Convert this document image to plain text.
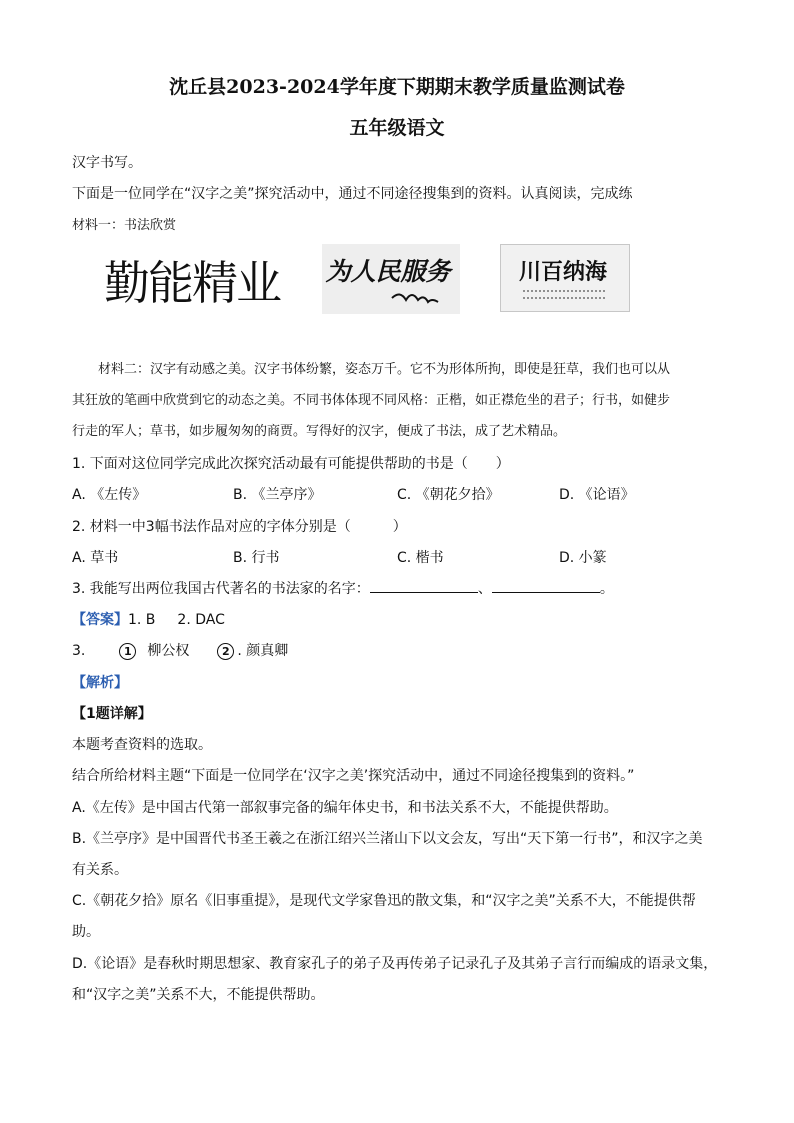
沈丘县2023-2024学年度下期期末教学质量监测试卷
五年级语文
汉字书写。
下面是一位同学在“汉字之美”探究活动中，通过不同途径搜集到的资料。认真阅读，完成练
材料一：书法欣赏
勤能精业 为人民服务	川百纳海
材料二：汉字有动感之美。汉字书体纷繁，姿态万千。它不为形体所拘，即使是狂草，我们也可以从
其狂放的笔画中欣赏到它的动态之美。不同书体体现不同风格：正楷，如正襟危坐的君子；行书，如健步
行走的军人；草书，如步履匆匆的商贾。写得好的汉字，便成了书法，成了艺术精品。
1. 下面对这位同学完成此次探究活动最有可能提供帮助的书是（　　）
A. 《左传》	B. 《兰亭序》	C. 《朝花夕拾》	D. 《论语》
2. 材料一中3幅书法作品对应的字体分别是（　　　）
A. 草书	B. 行书	C. 楷书	D. 小篆
3. 我能写出两位我国古代著名的书法家的名字：	、	。
【答案】1. B 2. DAC
3.	1 柳公权	2 . 颜真卿
【解析】
【1题详解】
本题考查资料的选取。
结合所给材料主题“下面是一位同学在‘汉字之美’探究活动中，通过不同途径搜集到的资料。”
A.《左传》是中国古代第一部叙事完备的编年体史书，和书法关系不大，不能提供帮助。
B.《兰亭序》是中国晋代书圣王羲之在浙江绍兴兰渚山下以文会友，写出“天下第一行书”，和汉字之美
有关系。
C.《朝花夕拾》原名《旧事重提》，是现代文学家鲁迅的散文集，和“汉字之美”关系不大，不能提供帮
助。
D.《论语》是春秋时期思想家、教育家孔子的弟子及再传弟子记录孔子及其弟子言行而编成的语录文集，
和“汉字之美”关系不大，不能提供帮助。
